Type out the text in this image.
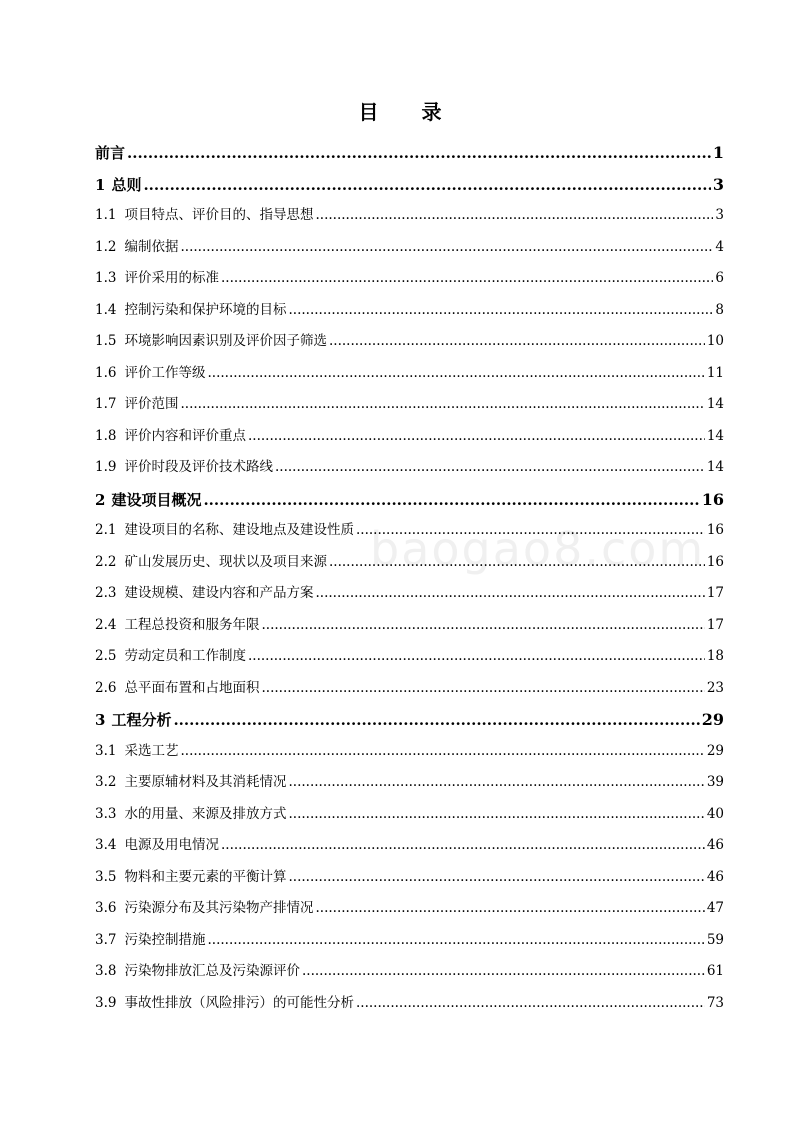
目 录
baogao8.com
前言 .....	1
1 总则 .....	3
1.1 项目特点、评价目的、指导思想 .....	3
1.2 编制依据 .....	4
1.3 评价采用的标准 .....	6
1.4 控制污染和保护环境的目标 .....	8
1.5 环境影响因素识别及评价因子筛选 .....	10
1.6 评价工作等级 .....	11
1.7 评价范围 .....	14
1.8 评价内容和评价重点 .....	14
1.9 评价时段及评价技术路线 .....	14
2 建设项目概况 .....	16
2.1 建设项目的名称、建设地点及建设性质 .....	16
2.2 矿山发展历史、现状以及项目来源 .....	16
2.3 建设规模、建设内容和产品方案 .....	17
2.4 工程总投资和服务年限 .....	17
2.5 劳动定员和工作制度 .....	18
2.6 总平面布置和占地面积 .....	23
3 工程分析 .....	29
3.1 采选工艺 .....	29
3.2 主要原辅材料及其消耗情况 .....	39
3.3 水的用量、来源及排放方式 .....	40
3.4 电源及用电情况 .....	46
3.5 物料和主要元素的平衡计算 .....	46
3.6 污染源分布及其污染物产排情况 .....	47
3.7 污染控制措施 .....	59
3.8 污染物排放汇总及污染源评价 .....	61
3.9 事故性排放（风险排污）的可能性分析 .....	73
